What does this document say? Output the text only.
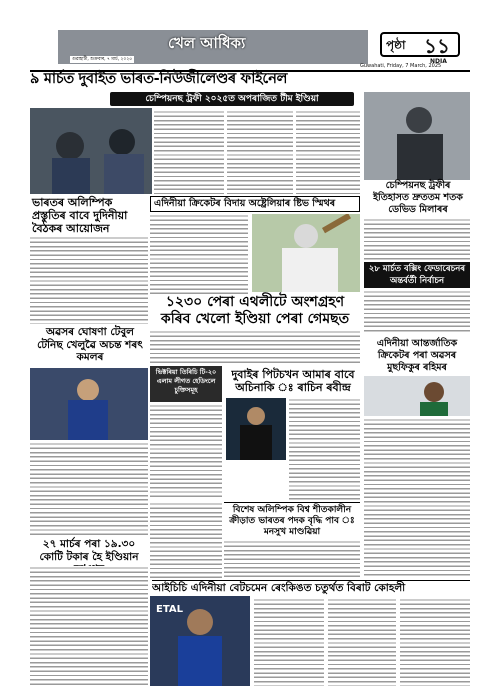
খেল আধিক্য
গুৱাহাটী, শুক্ৰবাৰ, ৭ মাৰ্চ, ২০২৫
পৃষ্ঠা ১১
NDIA
Guwahati, Friday, 7 March, 2025
৯ মাৰ্চত দুবাইত ভাৰত-নিউজীলেণ্ডৰ ফাইনেল
চেম্পিয়নছ ট্ৰফী ২০২৫ত অপৰাজিত টীম ইণ্ডিয়া
চেম্পিয়নছ ট্ৰফীৰ ইতিহাসত দ্ৰুততম শতক ডেভিড মিলাৰৰ
এদিনীয়া ক্ৰিকেটৰ বিদায় অষ্ট্ৰেলিয়াৰ ষ্টিভ স্মিথৰ
ভাৰতৰ অলিম্পিক প্ৰস্তুতিৰ বাবে দুদিনীয়া বৈঠকৰ আয়োজন
২৮ মাৰ্চত বক্সিং ফেডাৰেচনৰ অন্তৰ্বৰ্তী নিৰ্বাচন
১২৩০ পেৰা এথলীটে অংশগ্ৰহণ কৰিব খেলো ইণ্ডিয়া পেৰা গেমছত
অৱসৰ ঘোষণা টেবুল টেনিছ খেলুৱৈ অচন্ত শৰৎ কমলৰ
ভিক্টৰিয়া তিৰিচি টি-২০ এলাম লীগত হেডিংলে চুক্তিসমূহ
দুবাইৰ পিটচখন আমাৰ বাবে অচিনাকি ঃ ৰাচিন ৰবীন্দ্ৰ
এদিনীয়া আন্তৰ্জাতিক ক্ৰিকেটৰ পৰা অৱসৰ মুছফিকুৰ ৰহিমৰ
২৭ মাৰ্চৰ পৰা ১৯.৩০ কোটি টকাৰ হৈ ইণ্ডিয়ান
বিশেষ অলিম্পিক বিশ্ব শীতকালীন ক্ৰীড়াত ভাৰতৰ পদক বৃদ্ধি পাব ঃ মনসুখ মাণ্ডৱিয়া
আইচিচি এদিনীয়া বেটচমেন ৰেংকিঙত চতুৰ্থত বিৰাট কোহলী
ETAL
